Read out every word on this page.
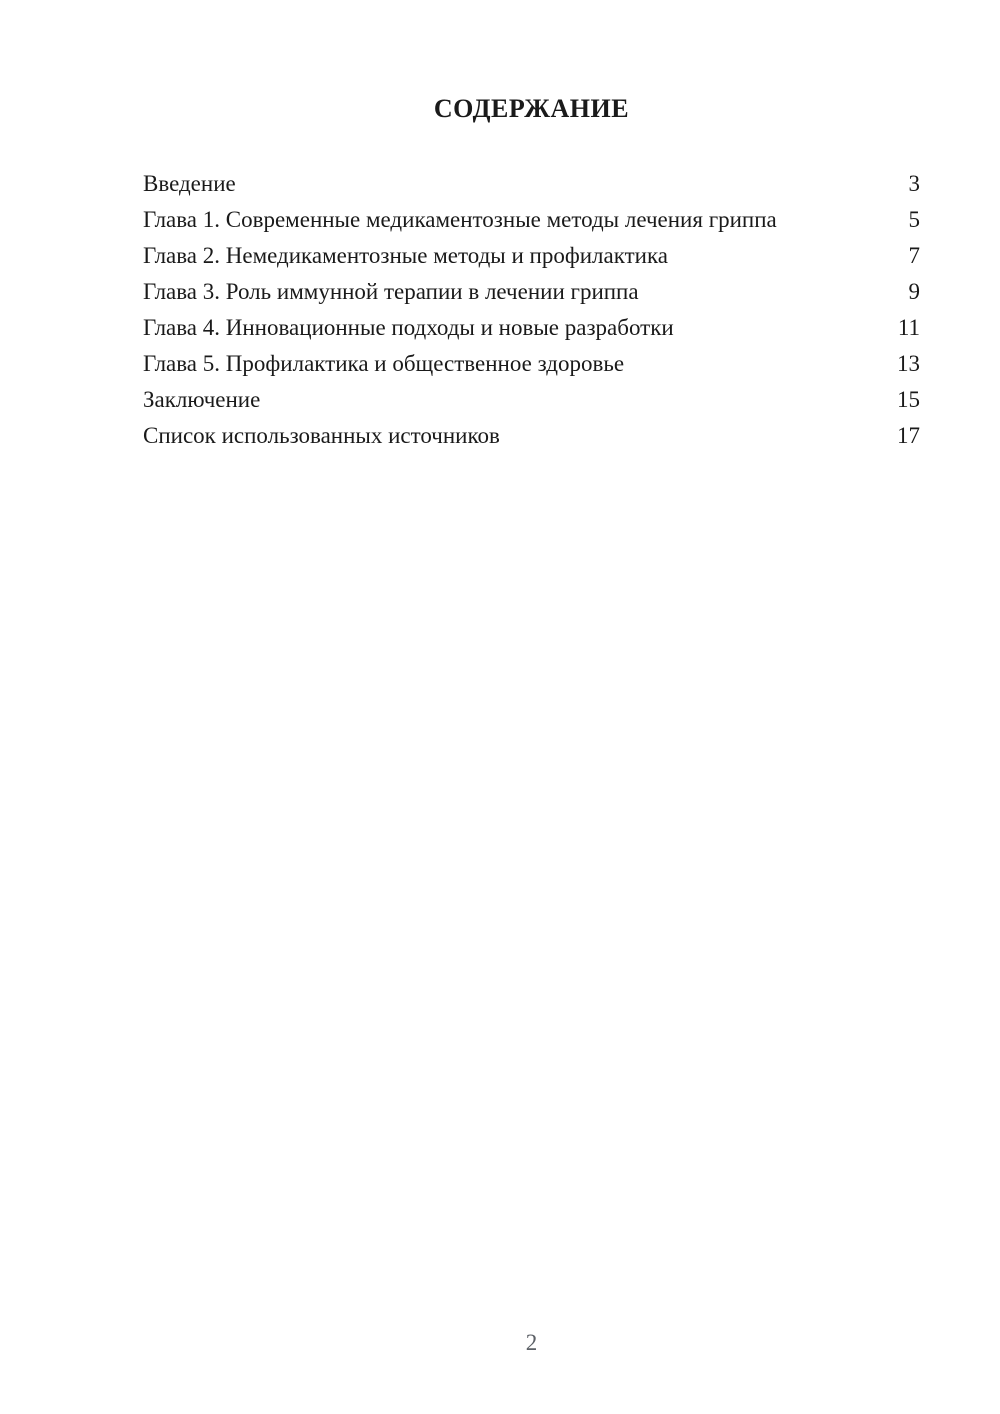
СОДЕРЖАНИЕ
Введение	3
Глава 1. Современные медикаментозные методы лечения гриппа	5
Глава 2. Немедикаментозные методы и профилактика	7
Глава 3. Роль иммунной терапии в лечении гриппа	9
Глава 4. Инновационные подходы и новые разработки	11
Глава 5. Профилактика и общественное здоровье	13
Заключение	15
Список использованных источников	17
2
